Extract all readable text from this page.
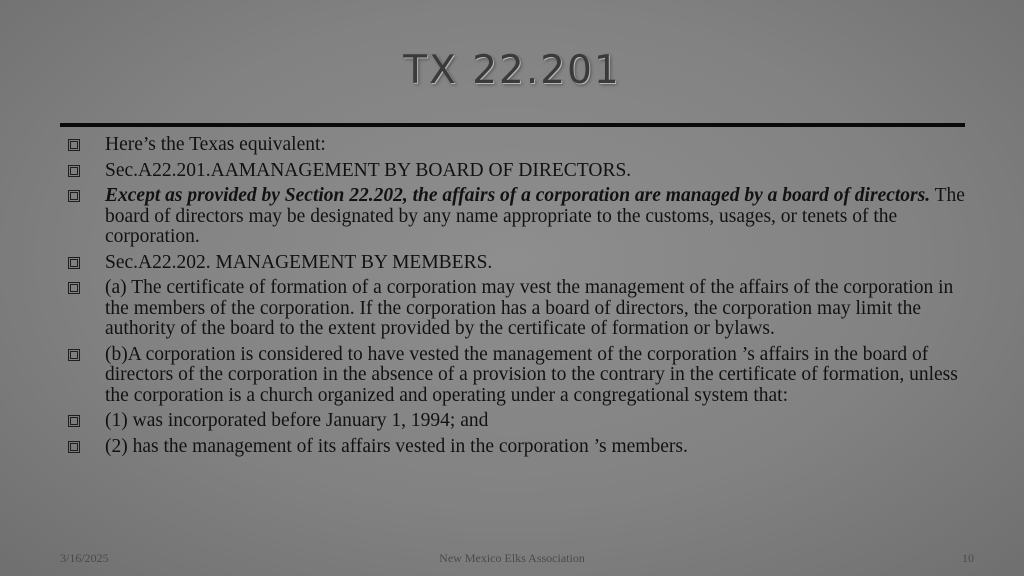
TX 22.201
Here’s the Texas equivalent:
Sec.A22.201.AAMANAGEMENT BY BOARD OF DIRECTORS.
Except as provided by Section 22.202, the affairs of a corporation are managed by a board of directors. The board of directors may be designated by any name appropriate to the customs, usages, or tenets of the corporation.
Sec.A22.202. MANAGEMENT BY MEMBERS.
(a) The certificate of formation of a corporation may vest the management of the affairs of the corporation in the members of the corporation. If the corporation has a board of directors, the corporation may limit the authority of the board to the extent provided by the certificate of formation or bylaws.
(b)A corporation is considered to have vested the management of the corporation ’s affairs in the board of directors of the corporation in the absence of a provision to the contrary in the certificate of formation, unless the corporation is a church organized and operating under a congregational system that:
(1) was incorporated before January 1, 1994; and
(2) has the management of its affairs vested in the corporation ’s members.
3/16/2025	New Mexico Elks Association	10
